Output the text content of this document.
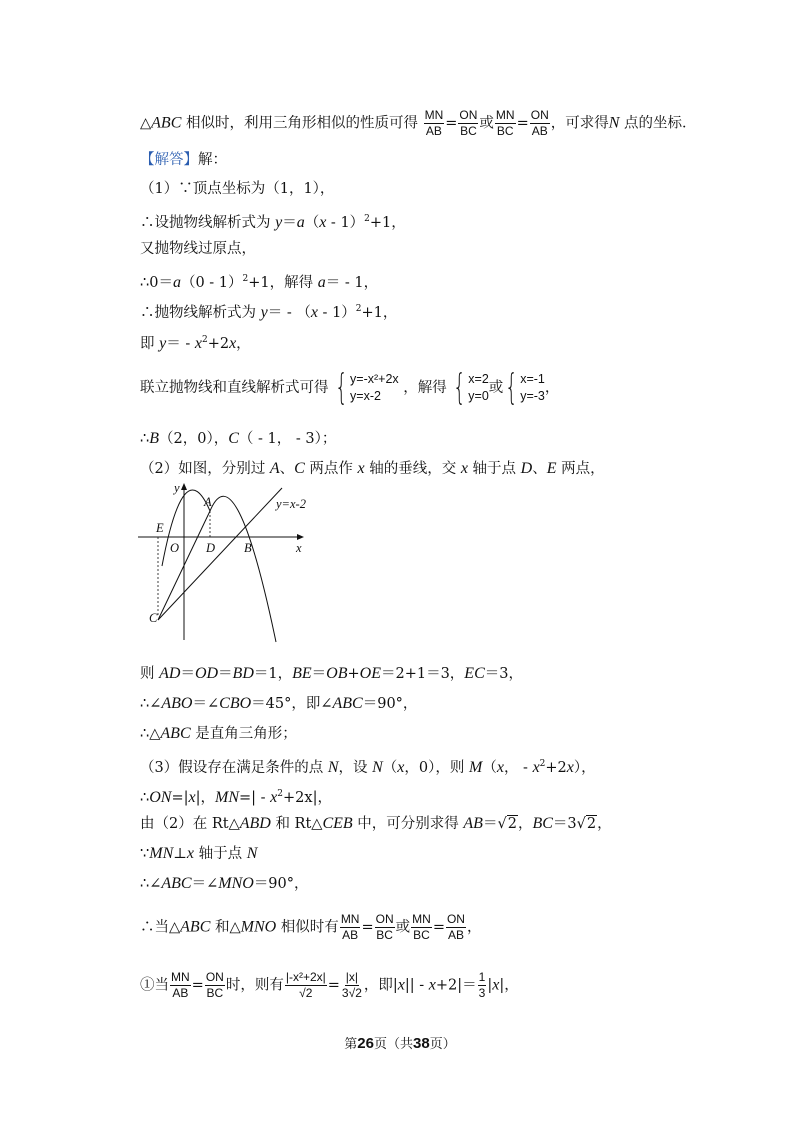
△ABC 相似时，利用三角形相似的性质可得 $\frac{MN}{AB} = \frac{ON}{BC}$ 或 $\frac{MN}{BC} = \frac{ON}{AB}$ ，可求得N 点的坐标．
【解答】解：
（1）∵顶点坐标为（1，1），
∴设抛物线解析式为 y＝a（x - 1）$^2$+1，
又抛物线过原点，
∴0＝a（0 - 1）$^2$+1，解得 a＝ - 1，
∴抛物线解析式为 y＝ - （x - 1）$^2$+1，
即 $y= - x^2+2x$，
联立抛物线和直线解析式可得 { y=-x²+2x
y=x-2	，解得 { x=2
y=0 或 { x=-1
y=-3 ，
∴B（2，0），C（ - 1， - 3）；
（2）如图，分别过 A、C 两点作 x 轴的垂线，交 x 轴于点 D、E 两点，
y
A	y=x-2
E
O D B	x
C
则 AD＝OD＝BD＝1，BE＝OB+OE＝2+1＝3，EC＝3，
∴∠ABO＝∠CBO＝45°，即∠ABC＝90°，
∴△ABC 是直角三角形；
（3）假设存在满足条件的点 N，设 N（x，0），则 M（x， - $x^2+2x$），
∴ON=|x|，$MN=| - x^2+2x|$，
由（2）在 Rt△ABD 和 Rt△CEB 中，可分别求得 AB＝√2，BC＝3√2，
∵MN⊥x 轴于点 N
∴∠ABC＝∠MNO＝90°，
∴当△ABC 和△MNO 相似时有 $\frac{MN}{AB} = \frac{ON}{BC}$ 或 $\frac{MN}{BC} = \frac{ON}{AB}$ ，
①当 $\frac{MN}{AB} = \frac{ON}{BC}$ 时，则有 $\frac{\text{|-x²+2x|}}{√2} = \frac{|x|}{3√2}$ ，即$|x|| - x+2|= \frac{1}{3} |x|$，
第26页（共38页）
